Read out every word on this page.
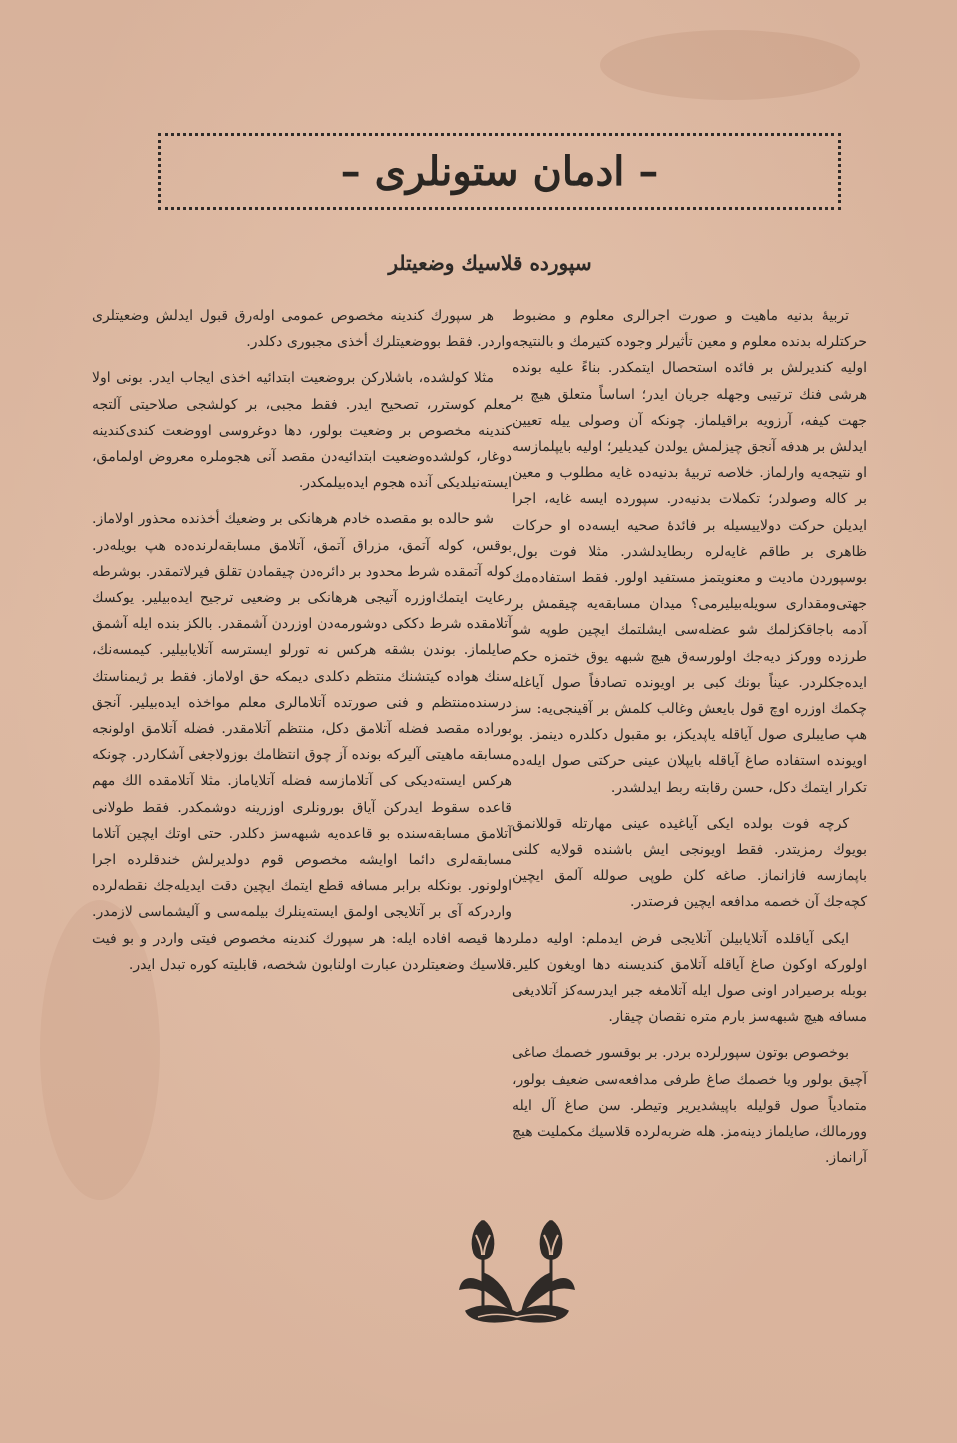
– ادمان ستونلری –
سپورده قلاسیك وضعیتلر

تربیهٔ بدنیه ماهیت و صورت اجرالری معلوم و مضبوط حرکتلرله بدنده معلوم و معین تأثیرلر وجوده کتیرمك و بالنتیجه اولیه کندیرلش بر فائده استحصال ایتمکدر. بناءً علیه بونده هرشی فنك ترتیبی وجهله جریان ایدر؛ اساساً متعلق هیچ بر جهت کیفه، آرزویه براقیلماز. چونکه آن وصولی ییله تعیین ایدلش بر هدفه آنجق چیزلمش یولدن کیدیلیر؛ اولیه بایپلمازسه او نتیجه‌یه وارلماز. خلاصه تربیهٔ بدنیه‌ده غایه مطلوب و معین بر کاله وصولدر؛ تکملات بدنیه‌در. سپورده ایسه غایه، اجرا ایدیلن حرکت دولاییسیله بر فائدهٔ صحیه ایسه‌ده او حرکات ظاهری بر طاقم غایه‌لره ربطایدلشدر. مثلا فوت بول، بوسپوردن مادیت و معنویتمز مستفید اولور. فقط استفاده‌مك جهتی‌ومقداری سویله‌بیلیرمی؟ میدان مسابقه‌یه چیقمش بر آدمه باجاقکزلمك شو عضله‌سی ایشلتمك ایچین طوپه شو طرزده وورکز دیه‌جك اولورسه‌ق هیچ شبهه یوق ختمزه حکم ایده‌جکلردر. عیناً بونك کبی بر اویونده تصادفاً صول آیاغله چکمك اوزره اوچ قول بایعش وغالب کلمش بر آقینجی‌یه: سز هپ صایبلری صول آیاقله یاپدیکز، بو مقبول دکلدره دینمز. بو اویونده استفاده صاغ آیاقله بایپلان عینی حرکتی صول ایله‌ده تکرار ایتمك دکل، حسن رقابته ربط ایدلشدر.

کرچه فوت بولده ایکی آیاغیده عینی مهارتله قوللانمق بویوك رمزیتدر. فقط اویونجی ایش باشنده قولایه کلنی باپمازسه فازانماز. صاغه کلن طوپی صولله آلمق ایچین کچه‌جك آن خصمه مدافعه ایچین فرصتدر.

ایکی آیاقلده آتلایابیلن آتلایجی فرض ایدملم: اولیه دملر اولورکه اوکون صاغ آیاقله آتلامق کندیسنه دها اویغون کلیر. بوبله برصیرادر اونی صول ایله آتلامغه جبر ایدرسه‌کز آتلادیغی مسافه هیچ شبهه‌سز بارم متره نقصان چیقار.

بوخصوص بوتون سپورلرده بردر. بر بوقسور خصمك صاغی آچیق بولور ویا خصمك صاغ طرفی مدافعه‌سی ضعیف بولور، متمادیاً صول قولیله باپیشدیریر وتیطر. سن صاغ آل ایله وورمالك، صایلماز دینه‌مز. هله ضربه‌لرده قلاسیك مکملیت هیچ آرانماز.

هر سپورك کندینه مخصوص عمومی اوله‌رق قبول ایدلش وضعیتلری واردر. فقط بووضعیتلرك أخذی مجبوری دکلدر.

مثلا کولشده، باشلارکن بروضعیت ابتدائیه اخذی ایجاب ایدر. بونی اولا معلم کوسترر، تصحیح ایدر. فقط مجبی، بر کولشجی صلاحیتی آلتجه کندینه مخصوص بر وضعیت بولور، دها دوغروسی اووضعت کندی‌کندینه دوغار، کولشده‌وضعیت ابتدائیه‌دن مقصد آنی هجوملره معروض اولمامق، ایسته‌نیلدیکی آنده هجوم ایده‌بیلمکدر.

شو حالده بو مقصده خادم هرهانکی بر وضعیك أخذنده محذور اولاماز. بوقس، کوله آتمق، مزراق آتمق، آتلامق مسابقه‌لرنده‌ده هپ بویله‌در. کوله آتمقده شرط محدود بر دائره‌دن چیقمادن تقلق فیرلاتمقدر. بوشرطه رعایت ایتمك‌اوزره آتیجی هرهانکی بر وضعیی ترجیح ایده‌بیلیر. یوکسك آتلامقده شرط دککی دوشورمه‌دن اوزردن آشمقدر. بالکز بنده ایله آشمق صایلماز. بوندن بشقه هرکس نه تورلو ایسترسه آتلایابیلیر. کیمسه‌نك، سنك هواده کیتشنك منتظم دکلدی دیمکه حق اولاماز. فقط بر ژیمناستك درسنده‌منتظم و فنی صورتده آتلامالری معلم مواخذه ایده‌بیلیر. آنجق بوراده مقصد فضله آتلامق دکل، منتظم آتلامقدر. فضله آتلامق اولونجه مسابقه ماهیتی آلیرکه بونده آز چوق انتظامك بوزولاجغی آشکاردر. چونکه هرکس ایسته‌دیکی کی آتلامازسه فضله آتلایاماز. مثلا آتلامقده الك مهم قاعده سقوط ایدرکن آیاق بورونلری اوزرینه دوشمکدر. فقط طولانی آتلامق مسابقه‌سنده بو قاعده‌یه شبهه‌سز دکلدر. حتی اوتك ایچین آتلاما مسابقه‌لری دائما اوایشه مخصوص قوم دولدیرلش خندقلرده اجرا اولونور. بونکله برابر مسافه قطع ایتمك ایچین دقت ایدیله‌جك نقطه‌لرده واردرکه آی بر آتلایجی اولمق ایسته‌ینلرك بیلمه‌سی و آلیشماسی لازمدر. دها قیصه افاده ایله: هر سپورك کندینه مخصوص فیتی واردر و بو فیت قلاسیك وضعیتلردن عبارت اولنابون شخصه، قابلیته کوره تبدل ایدر.
